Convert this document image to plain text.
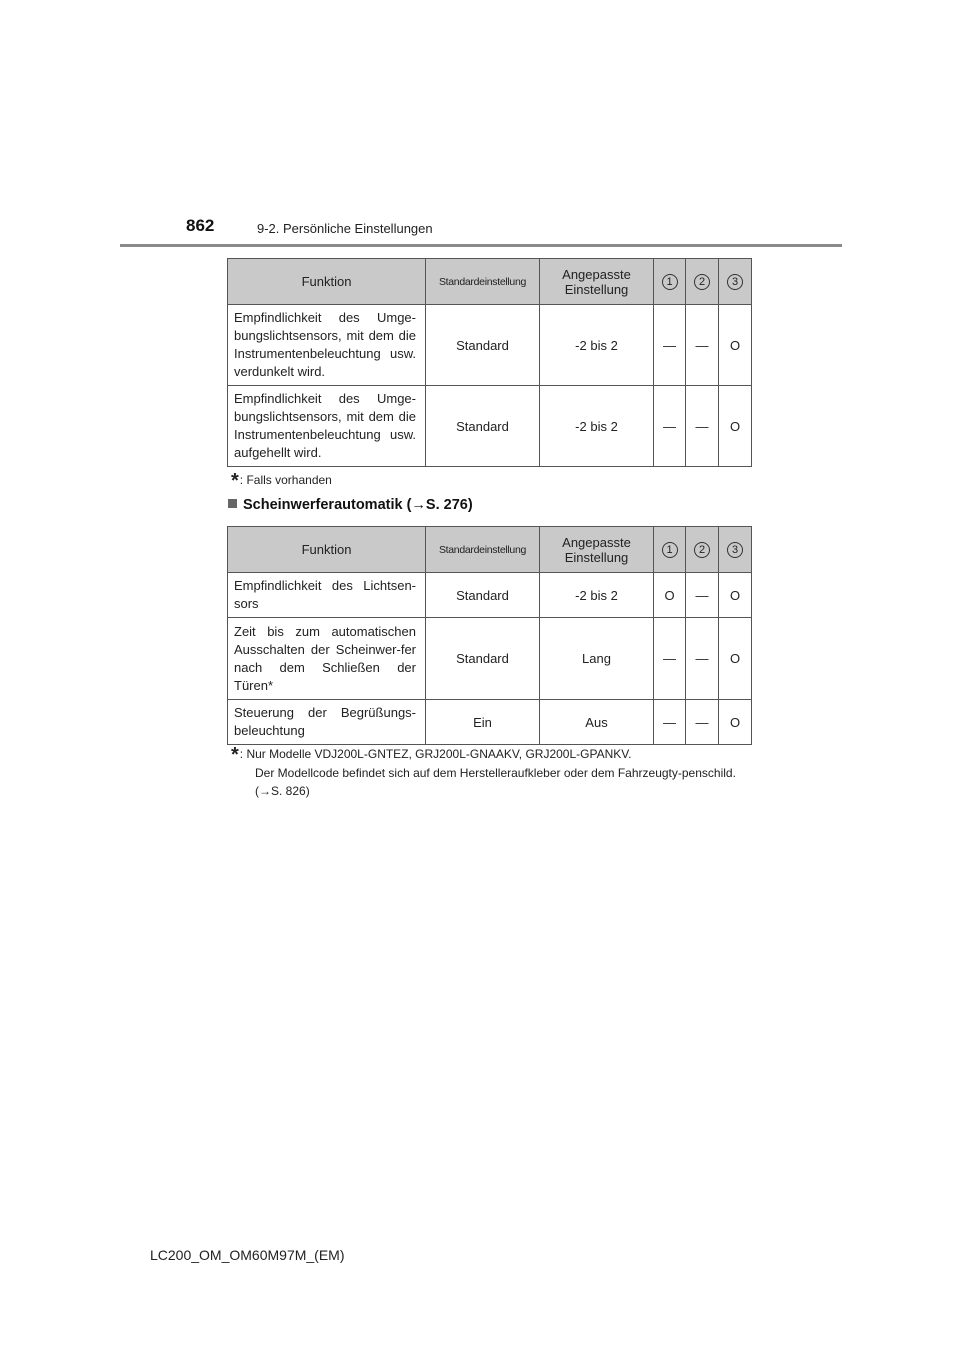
862	9-2. Persönliche Einstellungen
Funktion	Standardeinstellung	Angepasste Einstellung	1	2	3
Empfindlichkeit des Umge-bungslichtsensors, mit dem die Instrumentenbeleuchtung usw. verdunkelt wird.	Standard	-2 bis 2	—	—	O
Empfindlichkeit des Umge-bungslichtsensors, mit dem die Instrumentenbeleuchtung usw. aufgehellt wird.	Standard	-2 bis 2	—	—	O
*: Falls vorhanden
Scheinwerferautomatik (→S. 276)
Funktion	Standardeinstellung	Angepasste Einstellung	1	2	3
Empfindlichkeit des Lichtsen-sors	Standard	-2 bis 2	O	—	O
Zeit bis zum automatischen Ausschalten der Scheinwer-fer nach dem Schließen der Türen*	Standard	Lang	—	—	O
Steuerung der Begrüßungs-beleuchtung	Ein	Aus	—	—	O
*: Nur Modelle VDJ200L-GNTEZ, GRJ200L-GNAAKV, GRJ200L-GPANKV.
Der Modellcode befindet sich auf dem Herstelleraufkleber oder dem Fahrzeugty-penschild. (→S. 826)
LC200_OM_OM60M97M_(EM)
